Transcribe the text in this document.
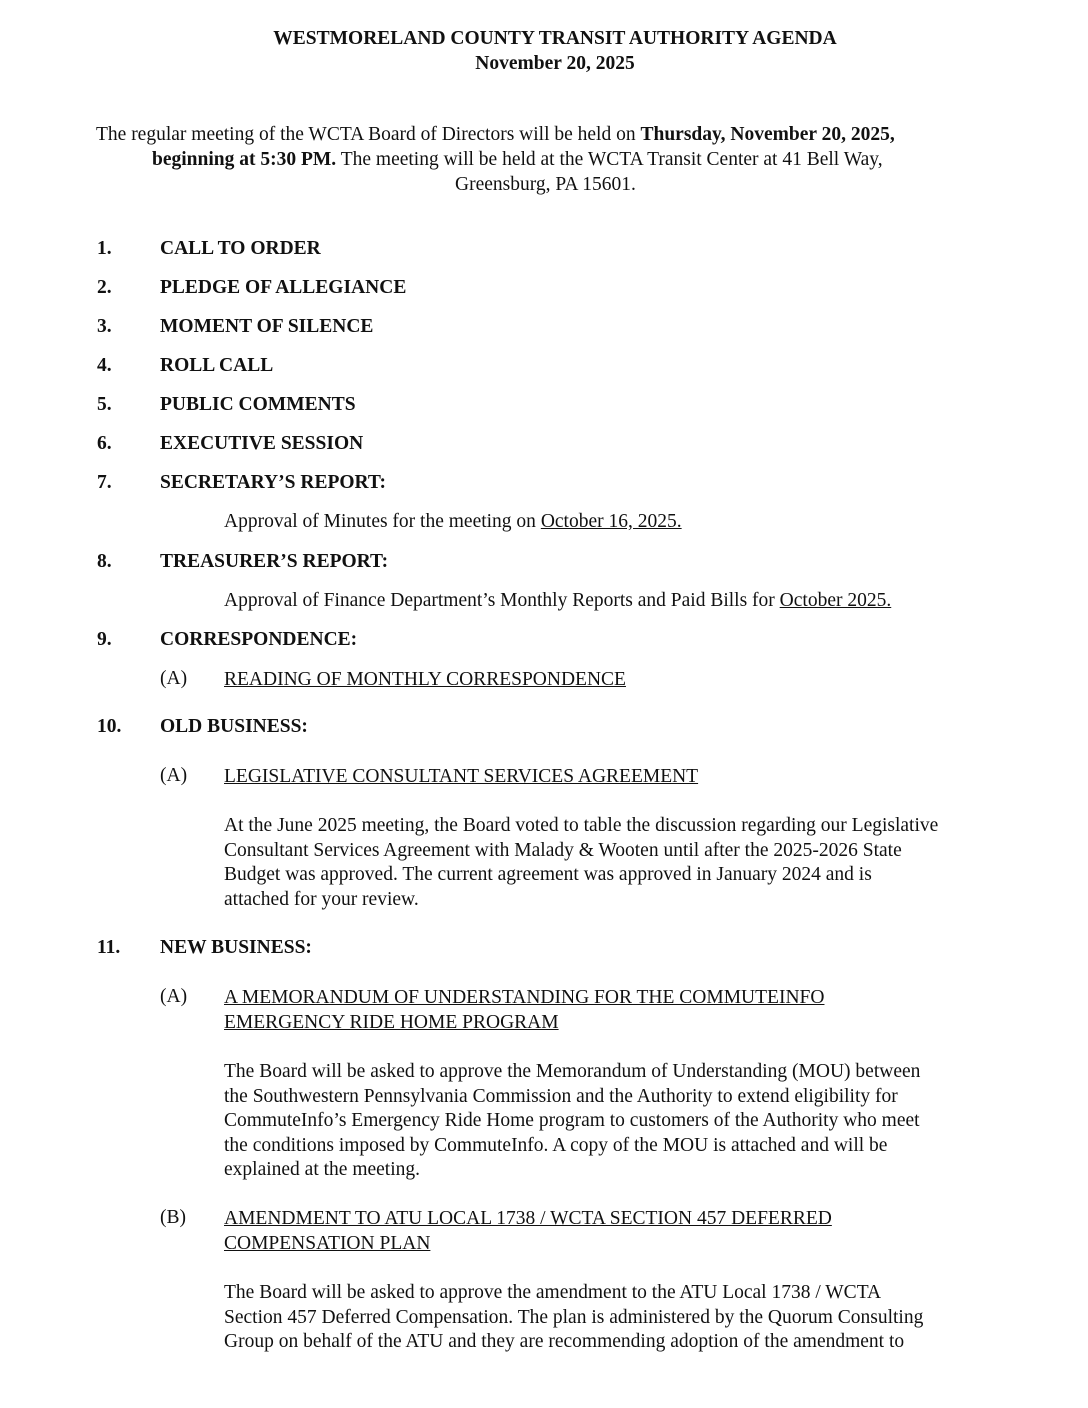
WESTMORELAND COUNTY TRANSIT AUTHORITY AGENDA
November 20, 2025
The regular meeting of the WCTA Board of Directors will be held on Thursday, November 20, 2025,
beginning at 5:30 PM. The meeting will be held at the WCTA Transit Center at 41 Bell Way,
Greensburg, PA 15601.
1. CALL TO ORDER
2. PLEDGE OF ALLEGIANCE
3. MOMENT OF SILENCE
4. ROLL CALL
5. PUBLIC COMMENTS
6. EXECUTIVE SESSION
7. SECRETARY’S REPORT:
Approval of Minutes for the meeting on October 16, 2025.
8. TREASURER’S REPORT:
Approval of Finance Department’s Monthly Reports and Paid Bills for October 2025.
9. CORRESPONDENCE:
(A) READING OF MONTHLY CORRESPONDENCE
10. OLD BUSINESS:
(A) LEGISLATIVE CONSULTANT SERVICES AGREEMENT
At the June 2025 meeting, the Board voted to table the discussion regarding our Legislative
Consultant Services Agreement with Malady & Wooten until after the 2025-2026 State
Budget was approved. The current agreement was approved in January 2024 and is
attached for your review.
11. NEW BUSINESS:
(A) A MEMORANDUM OF UNDERSTANDING FOR THE COMMUTEINFO
EMERGENCY RIDE HOME PROGRAM
The Board will be asked to approve the Memorandum of Understanding (MOU) between
the Southwestern Pennsylvania Commission and the Authority to extend eligibility for
CommuteInfo’s Emergency Ride Home program to customers of the Authority who meet
the conditions imposed by CommuteInfo. A copy of the MOU is attached and will be
explained at the meeting.
(B) AMENDMENT TO ATU LOCAL 1738 / WCTA SECTION 457 DEFERRED
COMPENSATION PLAN
The Board will be asked to approve the amendment to the ATU Local 1738 / WCTA
Section 457 Deferred Compensation. The plan is administered by the Quorum Consulting
Group on behalf of the ATU and they are recommending adoption of the amendment to
